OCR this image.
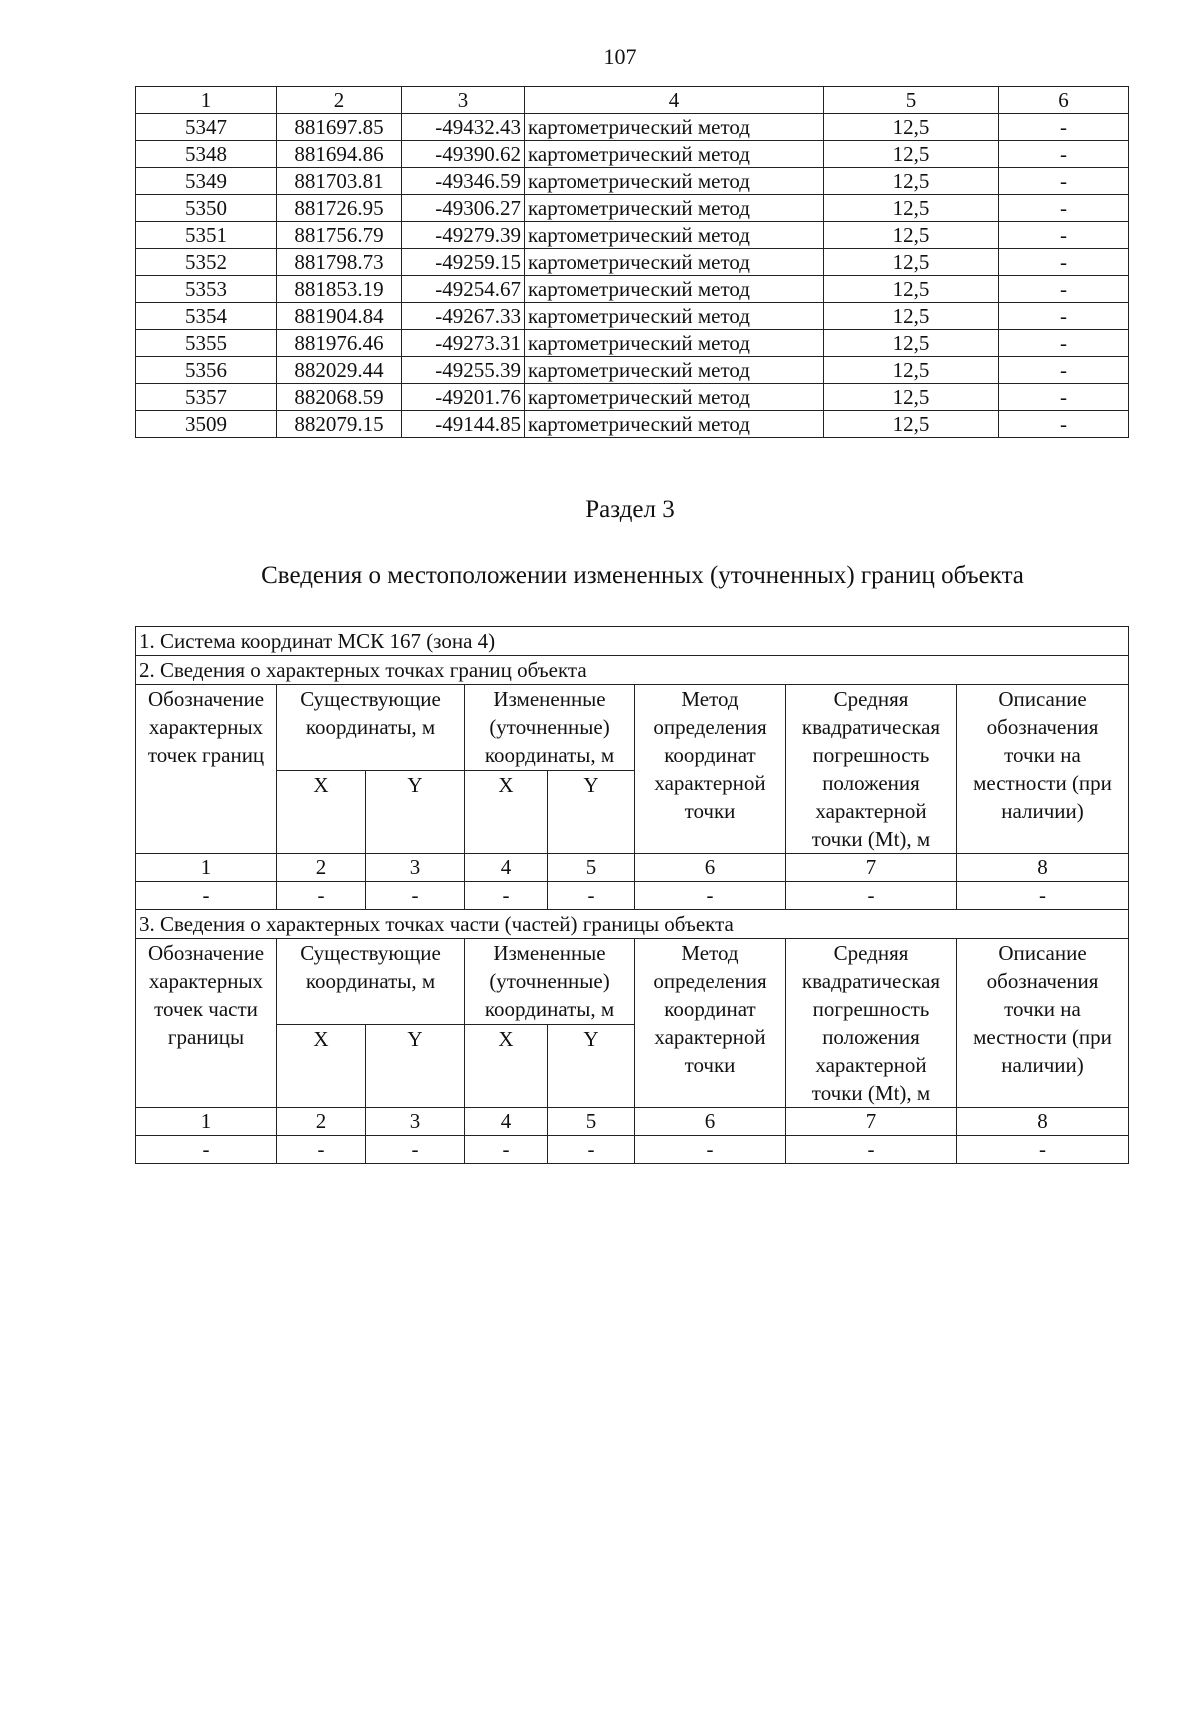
107
1	2	3	4	5	6
5347	881697.85	-49432.43	картометрический метод	12,5	-
5348	881694.86	-49390.62	картометрический метод	12,5	-
5349	881703.81	-49346.59	картометрический метод	12,5	-
5350	881726.95	-49306.27	картометрический метод	12,5	-
5351	881756.79	-49279.39	картометрический метод	12,5	-
5352	881798.73	-49259.15	картометрический метод	12,5	-
5353	881853.19	-49254.67	картометрический метод	12,5	-
5354	881904.84	-49267.33	картометрический метод	12,5	-
5355	881976.46	-49273.31	картометрический метод	12,5	-
5356	882029.44	-49255.39	картометрический метод	12,5	-
5357	882068.59	-49201.76	картометрический метод	12,5	-
3509	882079.15	-49144.85	картометрический метод	12,5	-
Раздел 3
Сведения о местоположении измененных (уточненных) границ объекта
1. Система координат МСК 167 (зона 4)							
2. Сведения о характерных точках границ объекта							
Обозначение характерных точек границ	Существующие координаты, м		Измененные (уточненные) координаты, м		Метод определения координат характерной точки	Средняя квадратическая погрешность положения характерной точки (Mt), м	Описание обозначения точки на местности (при наличии)
	X	Y	X	Y			
1	2	3	4	5	6	7	8
-	-	-	-	-	-	-	-
3. Сведения о характерных точках части (частей) границы объекта							
Обозначение характерных точек части границы	Существующие координаты, м		Измененные (уточненные) координаты, м		Метод определения координат характерной точки	Средняя квадратическая погрешность положения характерной точки (Mt), м	Описание обозначения точки на местности (при наличии)
	X	Y	X	Y			
1	2	3	4	5	6	7	8
-	-	-	-	-	-	-	-
